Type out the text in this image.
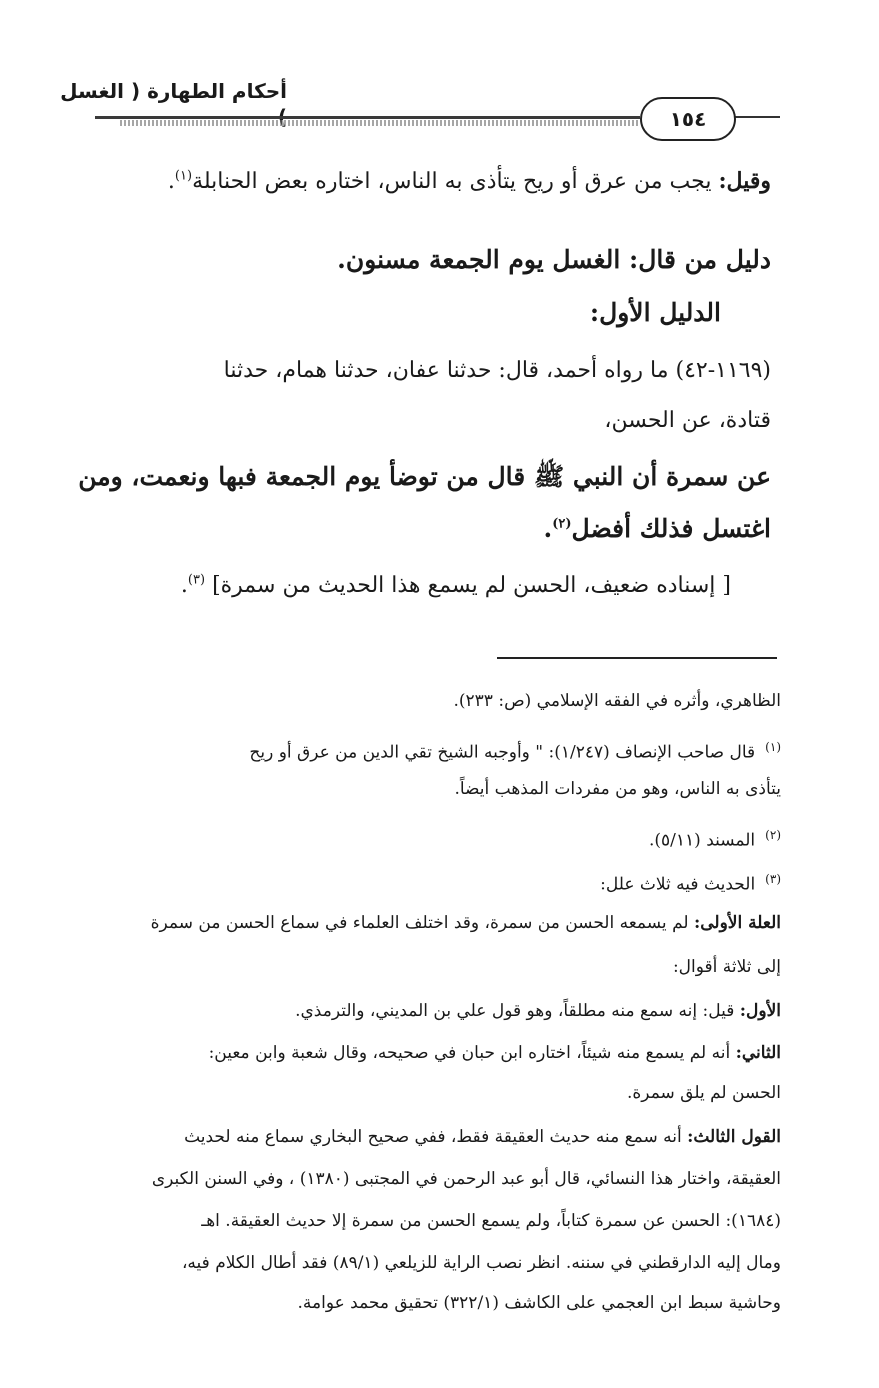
أحكام الطهارة ( الغسل
١٥٤
وقيل: يجب من عرق أو ريح يتأذى به الناس، اختاره بعض الحنابلة$^{(١)}$.
دليل من قال: الغسل يوم الجمعة مسنون.
الدليل الأول:
(١١٦٩-٤٢) ما رواه أحمد، قال: حدثنا عفان، حدثنا همام، حدثنا
قتادة، عن الحسن،
عن سمرة أن النبي ﷺ قال من توضأ يوم الجمعة فبها ونعمت، ومن
اغتسل فذلك أفضل$^{(٢)}$.
[ إسناده ضعيف، الحسن لم يسمع هذا الحديث من سمرة] $^{(٣)}$.
الظاهري، وأثره في الفقه الإسلامي (ص: ٢٣٣).
$^{(١)}$قال صاحب الإنصاف (١/٢٤٧): " وأوجبه الشيخ تقي الدين من عرق أو ريح
يتأذى به الناس، وهو من مفردات المذهب أيضاً.
$^{(٢)}$المسند (٥/١١).
$^{(٣)}$الحديث فيه ثلاث علل:
العلة الأولى: لم يسمعه الحسن من سمرة، وقد اختلف العلماء في سماع الحسن من سمرة
إلى ثلاثة أقوال:
الأول: قيل: إنه سمع منه مطلقاً، وهو قول علي بن المديني، والترمذي.
الثاني: أنه لم يسمع منه شيئاً، اختاره ابن حبان في صحيحه، وقال شعبة وابن معين:
الحسن لم يلق سمرة.
القول الثالث: أنه سمع منه حديث العقيقة فقط، ففي صحيح البخاري سماع منه لحديث
العقيقة، واختار هذا النسائي، قال أبو عبد الرحمن في المجتبى (١٣٨٠) ، وفي السنن الكبرى
(١٦٨٤): الحسن عن سمرة كتاباً، ولم يسمع الحسن من سمرة إلا حديث العقيقة. اهـ
ومال إليه الدارقطني في سننه. انظر نصب الراية للزيلعي (٨٩/١) فقد أطال الكلام فيه،
وحاشية سبط ابن العجمي على الكاشف (٣٢٢/١) تحقيق محمد عوامة.
